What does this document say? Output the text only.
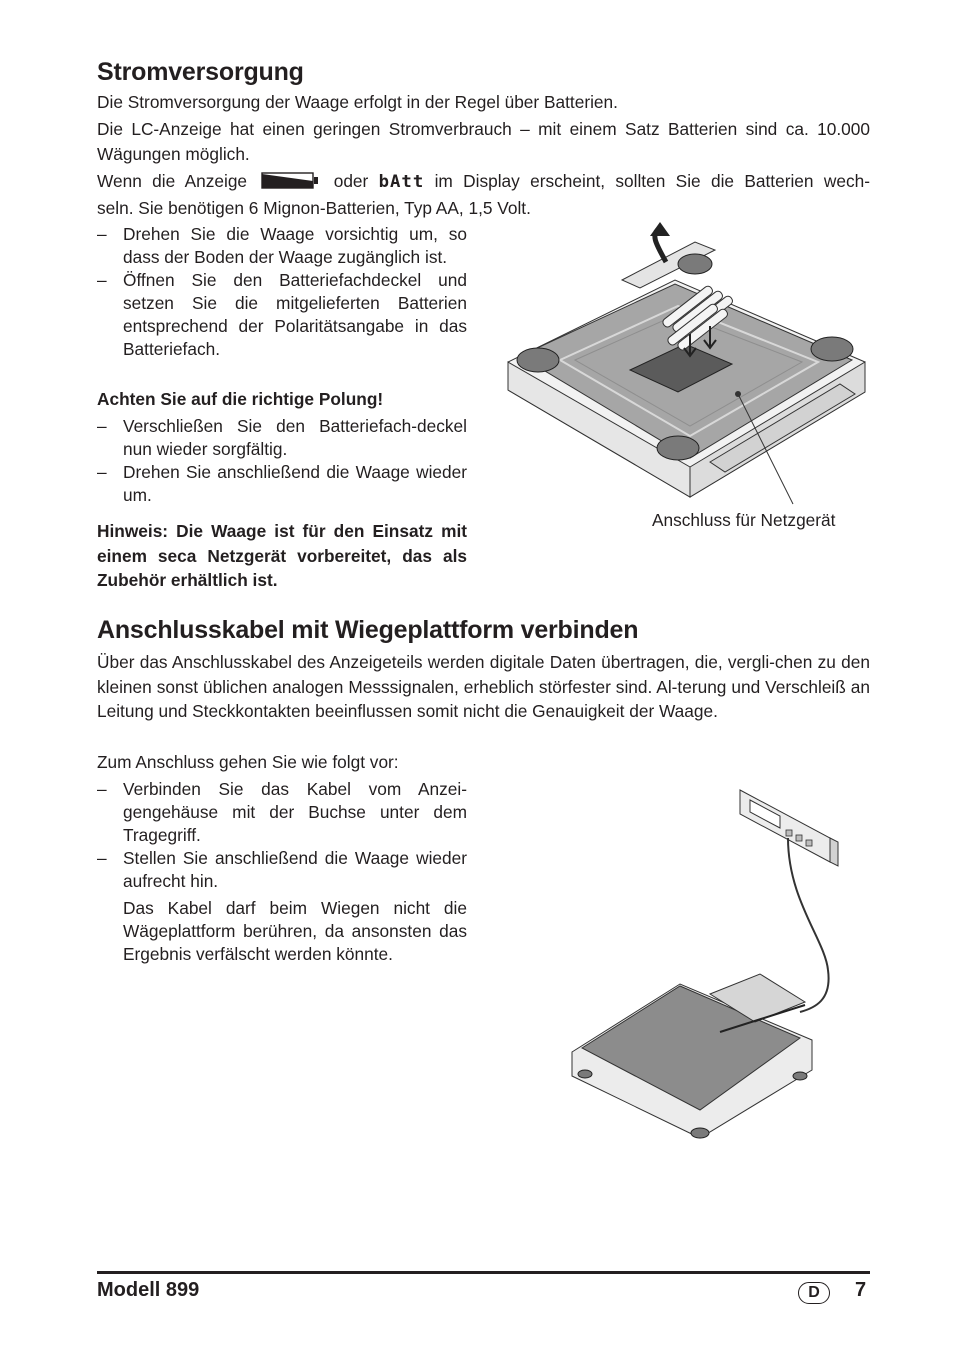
Stromversorgung

Die Stromversorgung der Waage erfolgt in der Regel über Batterien.

Die LC-Anzeige hat einen geringen Stromverbrauch – mit einem Satz Batterien sind ca. 10.000 Wägungen möglich.

Wenn die Anzeige	oder bAtt im Display erscheint, sollten Sie die Batterien wech-

seln. Sie benötigen 6 Mignon-Batterien, Typ AA, 1,5 Volt.

– Drehen Sie die Waage vorsichtig um, so dass der Boden der Waage zugänglich ist.
– Öffnen Sie den Batteriefachdeckel und setzen Sie die mitgelieferten Batterien entsprechend der Polaritätsangabe in das Batteriefach.

Achten Sie auf die richtige Polung!

– Verschließen Sie den Batteriefach-deckel nun wieder sorgfältig.
– Drehen Sie anschließend die Waage wieder um.

Hinweis: Die Waage ist für den Einsatz mit einem seca Netzgerät vorbereitet, das als Zubehör erhältlich ist.

Anschluss für Netzgerät

Anschlusskabel mit Wiegeplattform verbinden

Über das Anschlusskabel des Anzeigeteils werden digitale Daten übertragen, die, vergli-chen zu den kleinen sonst üblichen analogen Messsignalen, erheblich störfester sind. Al-terung und Verschleiß an Leitung und Steckkontakten beeinflussen somit nicht die Genauigkeit der Waage.

Zum Anschluss gehen Sie wie folgt vor:

– Verbinden Sie das Kabel vom Anzei-gengehäuse mit der Buchse unter dem Tragegriff.
– Stellen Sie anschließend die Waage wieder aufrecht hin.

Das Kabel darf beim Wiegen nicht die Wägeplattform berühren, da ansonsten das Ergebnis verfälscht werden könnte.

Modell 899	D	7
